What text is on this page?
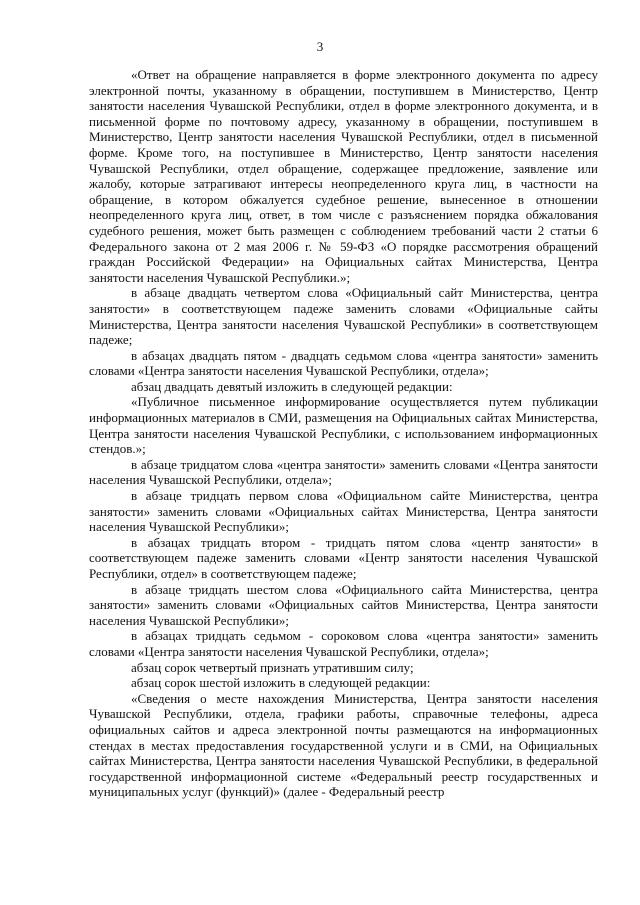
3

«Ответ на обращение направляется в форме электронного документа по адресу электронной почты, указанному в обращении, поступившем в Министерство, Центр занятости населения Чувашской Республики, отдел в форме электронного документа, и в письменной форме по почтовому адресу, указанному в обращении, поступившем в Министерство, Центр занятости населения Чувашской Республики, отдел в письменной форме. Кроме того, на поступившее в Министерство, Центр занятости населения Чувашской Республики, отдел обращение, содержащее предложение, заявление или жалобу, которые затрагивают интересы неопределенного круга лиц, в частности на обращение, в котором обжалуется судебное решение, вынесенное в отношении неопределенного круга лиц, ответ, в том числе с разъяснением порядка обжалования судебного решения, может быть размещен с соблюдением требований части 2 статьи 6 Федерального закона от 2 мая 2006 г. № 59-ФЗ «О порядке рассмотрения обращений граждан Российской Федерации» на Официальных сайтах Министерства, Центра занятости населения Чувашской Республики.»;

в абзаце двадцать четвертом слова «Официальный сайт Министерства, центра занятости» в соответствующем падеже заменить словами «Официальные сайты Министерства, Центра занятости населения Чувашской Республики» в соответствующем падеже;

в абзацах двадцать пятом - двадцать седьмом слова «центра занятости» заменить словами «Центра занятости населения Чувашской Республики, отдела»;

абзац двадцать девятый изложить в следующей редакции:

«Публичное письменное информирование осуществляется путем публикации информационных материалов в СМИ, размещения на Официальных сайтах Министерства, Центра занятости населения Чувашской Республики, с использованием информационных стендов.»;

в абзаце тридцатом слова «центра занятости» заменить словами «Центра занятости населения Чувашской Республики, отдела»;

в абзаце тридцать первом слова «Официальном сайте Министерства, центра занятости» заменить словами «Официальных сайтах Министерства, Центра занятости населения Чувашской Республики»;

в абзацах тридцать втором - тридцать пятом слова «центр занятости» в соответствующем падеже заменить словами «Центр занятости населения Чувашской Республики, отдел» в соответствующем падеже;

в абзаце тридцать шестом слова «Официального сайта Министерства, центра занятости» заменить словами «Официальных сайтов Министерства, Центра занятости населения Чувашской Республики»;

в абзацах тридцать седьмом - сороковом слова «центра занятости» заменить словами «Центра занятости населения Чувашской Республики, отдела»;

абзац сорок четвертый признать утратившим силу;

абзац сорок шестой изложить в следующей редакции:

«Сведения о месте нахождения Министерства, Центра занятости населения Чувашской Республики, отдела, графики работы, справочные телефоны, адреса официальных сайтов и адреса электронной почты размещаются на информационных стендах в местах предоставления государственной услуги и в СМИ, на Официальных сайтах Министерства, Центра занятости населения Чувашской Республики, в федеральной государственной информационной системе «Федеральный реестр государственных и муниципальных услуг (функций)» (далее - Федеральный реестр
